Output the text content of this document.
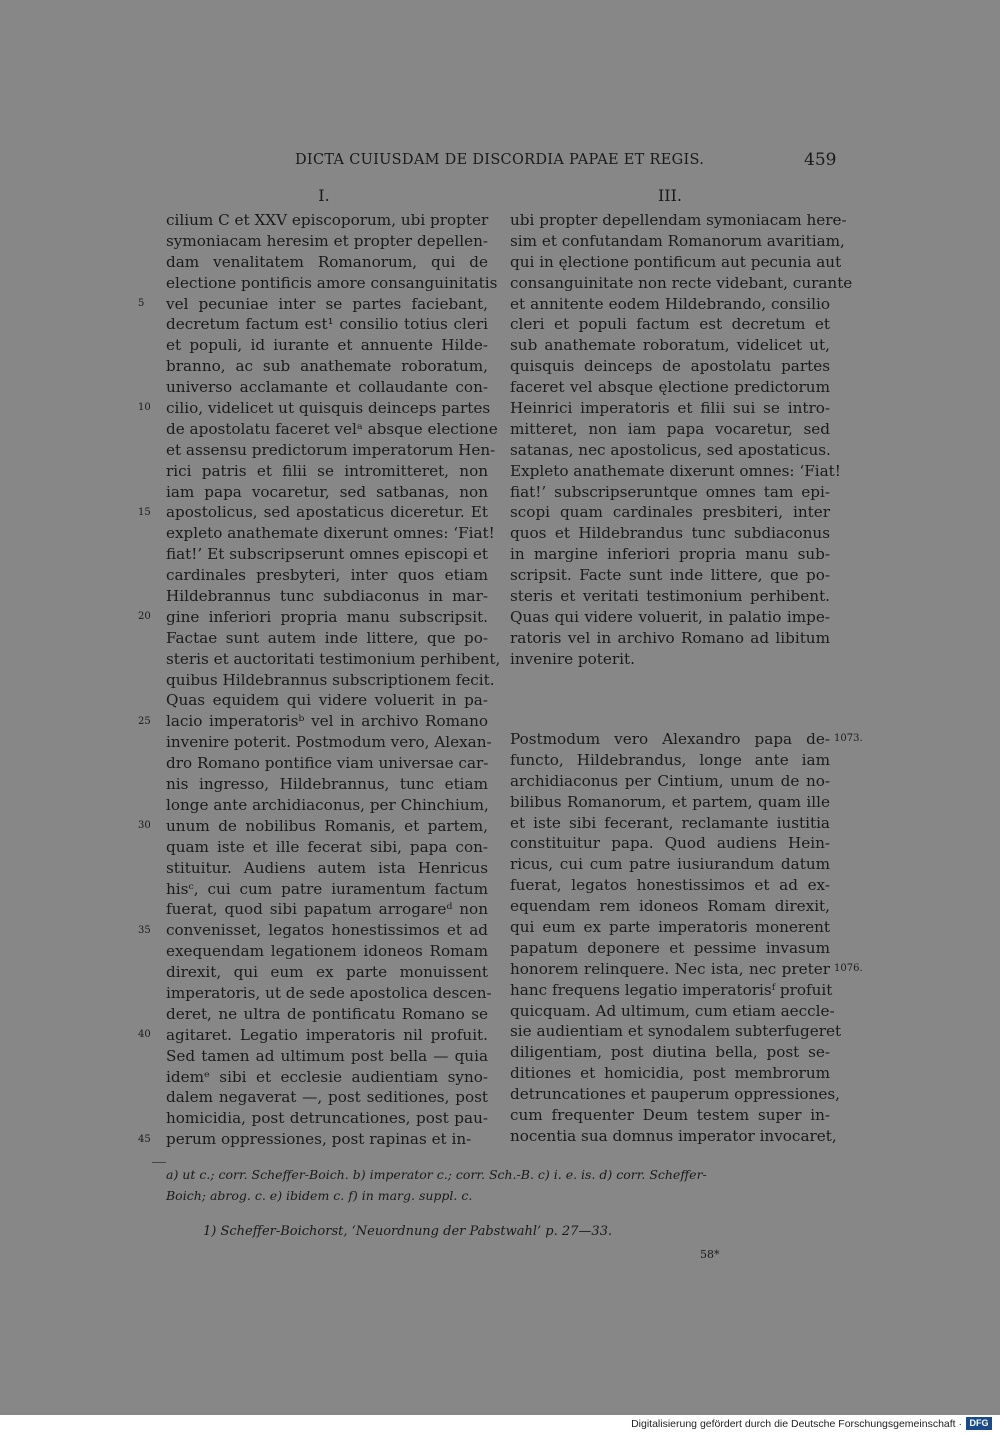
DICTA CUIUSDAM DE DISCORDIA PAPAE ET REGIS.	459
I.	III.
5
10
15
20
25
30
35
40
45
cilium C et XXV episcoporum, ubi propter
symoniacam heresim et propter depellen-
dam venalitatem Romanorum, qui de
electione pontificis amore consanguinitatis
vel pecuniae inter se partes faciebant,
decretum factum est¹ consilio totius cleri
et populi, id iurante et annuente Hilde-
branno, ac sub anathemate roboratum,
universo acclamante et collaudante con-
cilio, videlicet ut quisquis deinceps partes
de apostolatu faceret velᵃ absque electione
et assensu predictorum imperatorum Hen-
rici patris et filii se intromitteret, non
iam papa vocaretur, sed satbanas, non
apostolicus, sed apostaticus diceretur. Et
expleto anathemate dixerunt omnes: ‘Fiat!
fiat!’ Et subscripserunt omnes episcopi et
cardinales presbyteri, inter quos etiam
Hildebrannus tunc subdiaconus in mar-
gine inferiori propria manu subscripsit.
Factae sunt autem inde littere, que po-
steris et auctoritati testimonium perhibent,
quibus Hildebrannus subscriptionem fecit.
Quas equidem qui videre voluerit in pa-
lacio imperatorisᵇ vel in archivo Romano
invenire poterit. Postmodum vero, Alexan-
dro Romano pontifice viam universae car-
nis ingresso, Hildebrannus, tunc etiam
longe ante archidiaconus, per Chinchium,
unum de nobilibus Romanis, et partem,
quam iste et ille fecerat sibi, papa con-
stituitur. Audiens autem ista Henricus
hisᶜ, cui cum patre iuramentum factum
fuerat, quod sibi papatum arrogareᵈ non
convenisset, legatos honestissimos et ad
exequendam legationem idoneos Romam
direxit, qui eum ex parte monuissent
imperatoris, ut de sede apostolica descen-
deret, ne ultra de pontificatu Romano se
agitaret. Legatio imperatoris nil profuit.
Sed tamen ad ultimum post bella — quia
idemᵉ sibi et ecclesie audientiam syno-
dalem negaverat —, post seditiones, post
homicidia, post detruncationes, post pau-
perum oppressiones, post rapinas et in-
ubi propter depellendam symoniacam here-
sim et confutandam Romanorum avaritiam,
qui in ęlectione pontificum aut pecunia aut
consanguinitate non recte videbant, curante
et annitente eodem Hildebrando, consilio
cleri et populi factum est decretum et
sub anathemate roboratum, videlicet ut,
quisquis deinceps de apostolatu partes
faceret vel absque ęlectione predictorum
Heinrici imperatoris et filii sui se intro-
mitteret, non iam papa vocaretur, sed
satanas, nec apostolicus, sed apostaticus.
Expleto anathemate dixerunt omnes: ‘Fiat!
fiat!’ subscripseruntque omnes tam epi-
scopi quam cardinales presbiteri, inter
quos et Hildebrandus tunc subdiaconus
in margine inferiori propria manu sub-
scripsit. Facte sunt inde littere, que po-
steris et veritati testimonium perhibent.
Quas qui videre voluerit, in palatio impe-
ratoris vel in archivo Romano ad libitum
invenire poterit.
Postmodum vero Alexandro papa de-
functo, Hildebrandus, longe ante iam
archidiaconus per Cintium, unum de no-
bilibus Romanorum, et partem, quam ille
et iste sibi fecerant, reclamante iustitia
constituitur papa. Quod audiens Hein-
ricus, cui cum patre iusiurandum datum
fuerat, legatos honestissimos et ad ex-
equendam rem idoneos Romam direxit,
qui eum ex parte imperatoris monerent
papatum deponere et pessime invasum
honorem relinquere. Nec ista, nec preter
hanc frequens legatio imperatorisᶠ profuit
quicquam. Ad ultimum, cum etiam aeccle-
sie audientiam et synodalem subterfugeret
diligentiam, post diutina bella, post se-
ditiones et homicidia, post membrorum
detruncationes et pauperum oppressiones,
cum frequenter Deum testem super in-
nocentia sua domnus imperator invocaret,
1073.
1076.
a) ut c.; corr. Scheffer-Boich. b) imperator c.; corr. Sch.-B. c) i. e. is. d) corr. Scheffer-
Boich; abrog. c. e) ibidem c. f) in marg. suppl. c.
1) Scheffer-Boichorst, ‘Neuordnung der Pabstwahl’ p. 27—33.
58*
Digitalisierung gefördert durch die Deutsche Forschungsgemeinschaft · DFG
